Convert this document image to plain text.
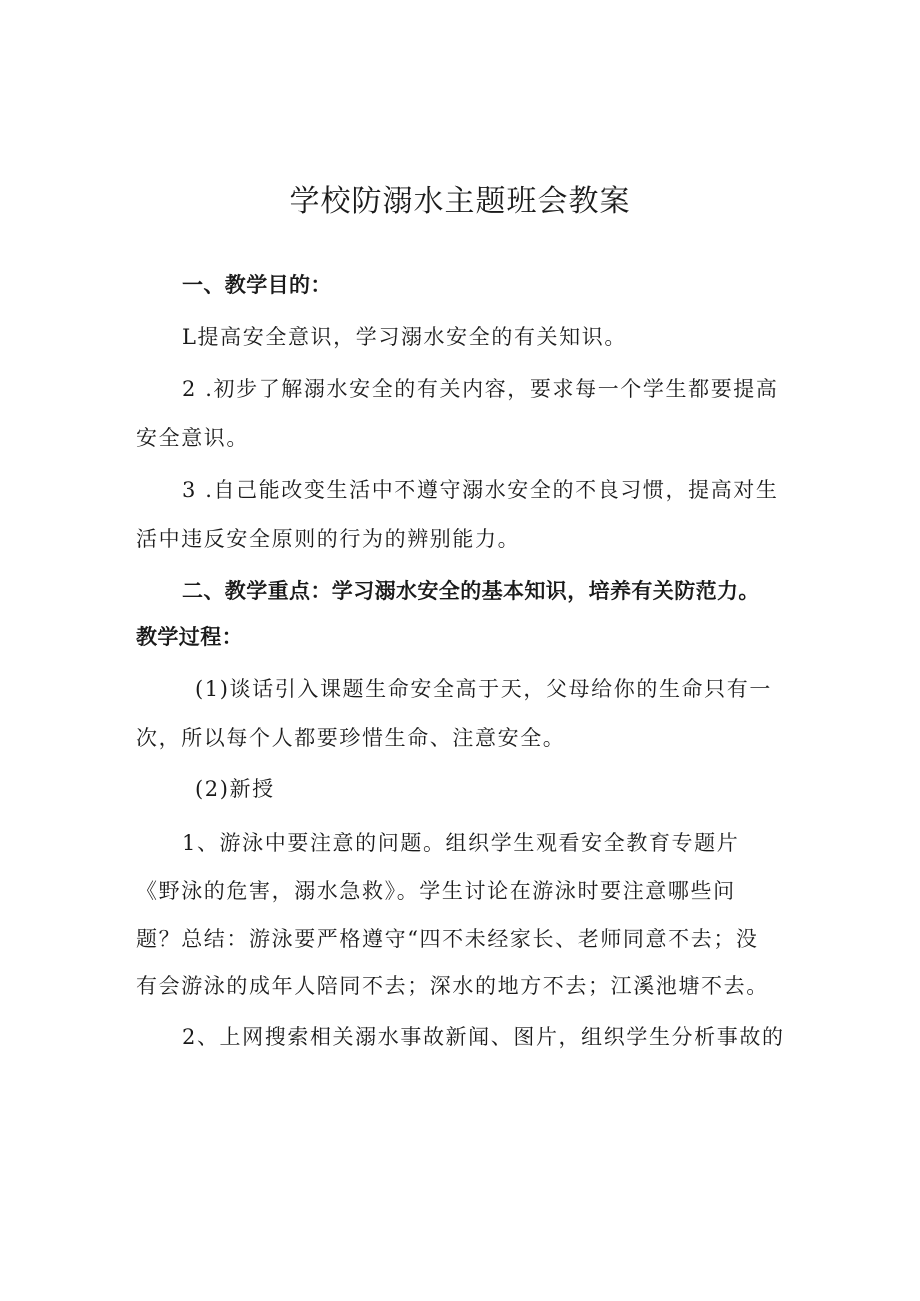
学校防溺水主题班会教案
一、教学目的：
L提高安全意识，学习溺水安全的有关知识。
2 .初步了解溺水安全的有关内容，要求每一个学生都要提高
安全意识。
3 .自己能改变生活中不遵守溺水安全的不良习惯，提高对生
活中违反安全原则的行为的辨别能力。
二、教学重点：学习溺水安全的基本知识，培养有关防范力。
教学过程：
(1)谈话引入课题生命安全高于天，父母给你的生命只有一
次，所以每个人都要珍惜生命、注意安全。
(2)新授
1、游泳中要注意的问题。组织学生观看安全教育专题片
《野泳的危害，溺水急救》。学生讨论在游泳时要注意哪些问
题？总结：游泳要严格遵守“四不未经家长、老师同意不去；没
有会游泳的成年人陪同不去；深水的地方不去；江溪池塘不去。
2、上网搜索相关溺水事故新闻、图片，组织学生分析事故的
